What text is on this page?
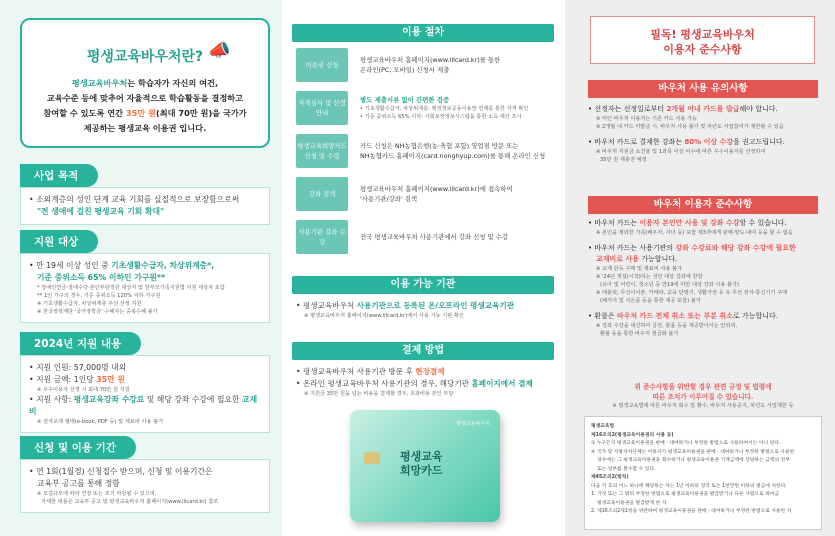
평생교육바우처란?
평생교육바우처는 학습자가 자신의 여건,
교육수준 등에 맞추어 자율적으로 학습활동을 결정하고
참여할 수 있도록 연간 35만 원(최대 70만 원)을 국가가
제공하는 평생교육 이용권 입니다.
📣
사업 목적
• 소외계층의 성인 단계 교육 기회를 실질적으로 보장함으로써
"전 생애에 걸친 평생교육 기회 확대"
지원 대상
• 만 19세 이상 성인 중 기초생활수급자, 차상위계층*,
기준 중위소득 65% 이하인 가구원**
* 장애인연금·장애수당·본인부담경감 대상자 및 한부모가족지원법 지원 대상자 포함
** 1인 가구의 경우, 기준 중위소득 120% 이하 가구원
※ 기초생활수급자, 차상위계층 우선 선정 지원
※ 한국장학재단 '국가장학금' 수혜자는 중복수혜 불가
2024년 지원 내용
• 지원 인원: 57,000명 내외
• 지원 금액: 1인당 35만 원
※ 우수이용자 선정 시 최대 70만 원 지원
• 지원 사항: 평생교육강좌 수강료 및 해당 강좌 수강에 필요한 교재비
※ 전자교재 형태(e-book, PDF 등) 및 재료비 사용 불가
신청 및 이용 기간
• 연 1회(1월경) 신청접수 받으며, 신청 및 이용기간은
교육부 공고를 통해 정함
※ 모집규모에 따라 연장 또는 조기 마감될 수 있으며,
자세한 내용은 교육부 공고 및 평생교육바우처 홈페이지(www.lllcard.kr) 참조
이용 절차
이용권 신청
평생교육바우처 홈페이지(www.lllcard.kr)를 통한
온라인(PC, 모바일) 신청서 제출
자격심사 및 선정 안내
별도 제출서류 없이 간편한 검증
• 기초생활수급자, 차상위계층: 행정정보공동이용망 연계를 통한 자격 확인
• 기준 중위소득 65% 이하: 사회보장정보시스템을 통한 소득·재산 조사
평생교육희망카드 신청 및 수령
카드 신청은 NH농협은행(농·축협 포함) 영업점 방문 또는
NH농협카드 홈페이지(card.nonghyup.com)를 통해 온라인 신청
강좌 검색
평생교육바우처 홈페이지(www.lllcard.kr)에 접속하여
'사용기관/강좌' 검색
사용기관 강좌 수강
전국 평생교육바우처 사용기관에서 강좌 신청 및 수강
이용 가능 기관
• 평생교육바우처 사용기관으로 등록된 온/오프라인 평생교육기관
※ 평생교육바우처 홈페이지(www.lllcard.kr)에서 사용 가능 기관 확인
결제 방법
• 평생교육바우처 사용기관 방문 후 현장결제
• 온라인 평생교육바우처 사용기관의 경우, 해당기관 홈페이지에서 결제
※ 지원금 35만 원을 넘는 비용을 결제할 경우, 초과비용 본인 부담
평생교육바우처
평생교육
희망카드
필독! 평생교육바우처
이용자 준수사항
바우처 사용 유의사항
• 선정자는 선정일로부터 2개월 이내 카드를 발급해야 합니다.
※ 미인 바우처 이용자는 기존 카드 사용 가능
※ 2개월 내 카드 미발급 시, 바우처 사용 불가 및 차년도 사업참여가 제한될 수 있음
• 바우처 카드로 결제한 강좌는 80% 이상 수강을 권고드립니다.
※ 바우처 지원금 소진율 및 1과목 이상 이수에 따른 우수이용자를 선정하여
35만 원 재충전 예정
바우처 이용자 준수사항
• 바우처 카드는 이용자 본인만 사용 및 강좌 수강할 수 있습니다.
※ 본인을 제외한 가족(배우자, 자녀 등) 포함 제3자에게 판매·양도·대여 등을 할 수 없음
• 바우처 카드는 사용기관의 강좌 수강료와 해당 강좌 수강에 필요한
교재비로 사용 가능합니다.
※ 교재 단독 구매 및 재료비 사용 불가
※ '24년 개설(시작)하는 성인 대상 강좌에 한함
(유아 및 어린이, 청소년 등 만19세 미만 대상 강좌 사용 불가)
※ 태블릿, 무선이어폰, 카메라, 교육 단말기, 생활가전 등 유·무선 전자·통신기기 구매
(패키지 및 사은품 등을 통한 제공 포함) 불가
• 환불은 바우처 카드 전체 취소 또는 부분 취소로 가능합니다.
※ 강좌 수강을 대신하여 금전, 물품 등을 제공받아서는 안되며,
환불 등을 통한 바우처 현금화 불가
위 준수사항을 위반할 경우 관련 규정 및 법령에
따른 조치가 이루어질 수 있습니다.
※ 평생교육법에 따른 바우처 회수 및 환수, 바우처 사용중지, 차년도 사업제한 등
평생교육법
제16조의2(평생교육이용권의 사용 등)
① 누구든지 평생교육이용권을 판매 · 대여하거나 부정한 방법으로 사용하여서는 아니 된다.
④ 국가 및 지방자치단체는 이용자가 평생교육이용권을 판매 · 대여하거나 부정한 방법으로 사용한
경우에는 그 평생교육이용권을 회수하거나 평생교육이용권 기재금액에 상당하는 금액의 전부
또는 일부를 환수할 수 있다.
제45조의2(벌칙)
다음 각 호의 어느 하나에 해당하는 자는 1년 이하의 징역 또는 1천만원 이하의 벌금에 처한다.
1. 거짓 또는 그 밖의 부정한 방법으로 평생교육이용권을 발급받거나 다른 사람으로 하여금
평생교육이용권을 발급받게 한 자
2. 제16조의2제1항을 위반하여 평생교육이용권을 판매 · 대여하거나 부정한 방법으로 사용한 자
